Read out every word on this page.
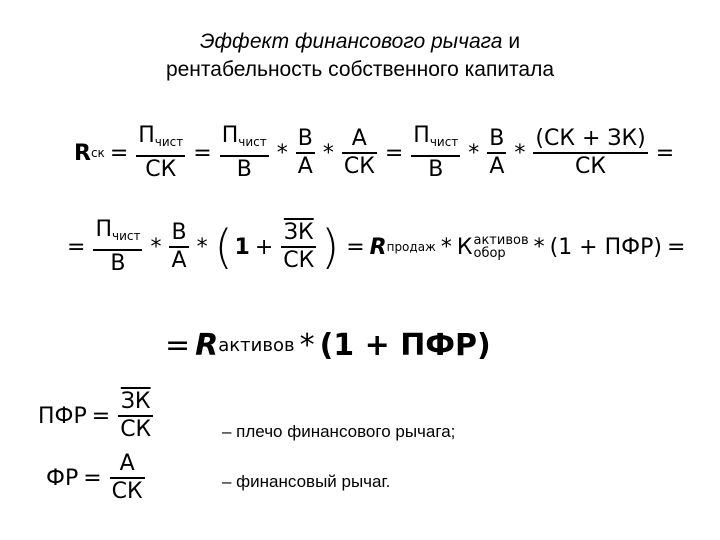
Эффект финансового рычага и
рентабельность собственного капитала
R ск = $\frac{П_{чист}}{СК} = \frac{П_{чист}}{В} * \frac{В}{А} * \frac{А}{СК} = \frac{П_{чист}}{В} * \frac{В}{А} * \frac{(СК + ЗК)}{СК}$ =
= $\frac{П_{чист}}{В} * \frac{В}{А}$ * ( $1 + \frac{ЗК}{СК}$ ) = R продаж * К активов
обор	* (1 + ПФР) =
= R активов * (1 + ПФР)
ПФР = $\frac{ЗК}{СК}$	– плечо финансового рычага;
ФР = $\frac{А}{СК}$	– финансовый рычаг.
